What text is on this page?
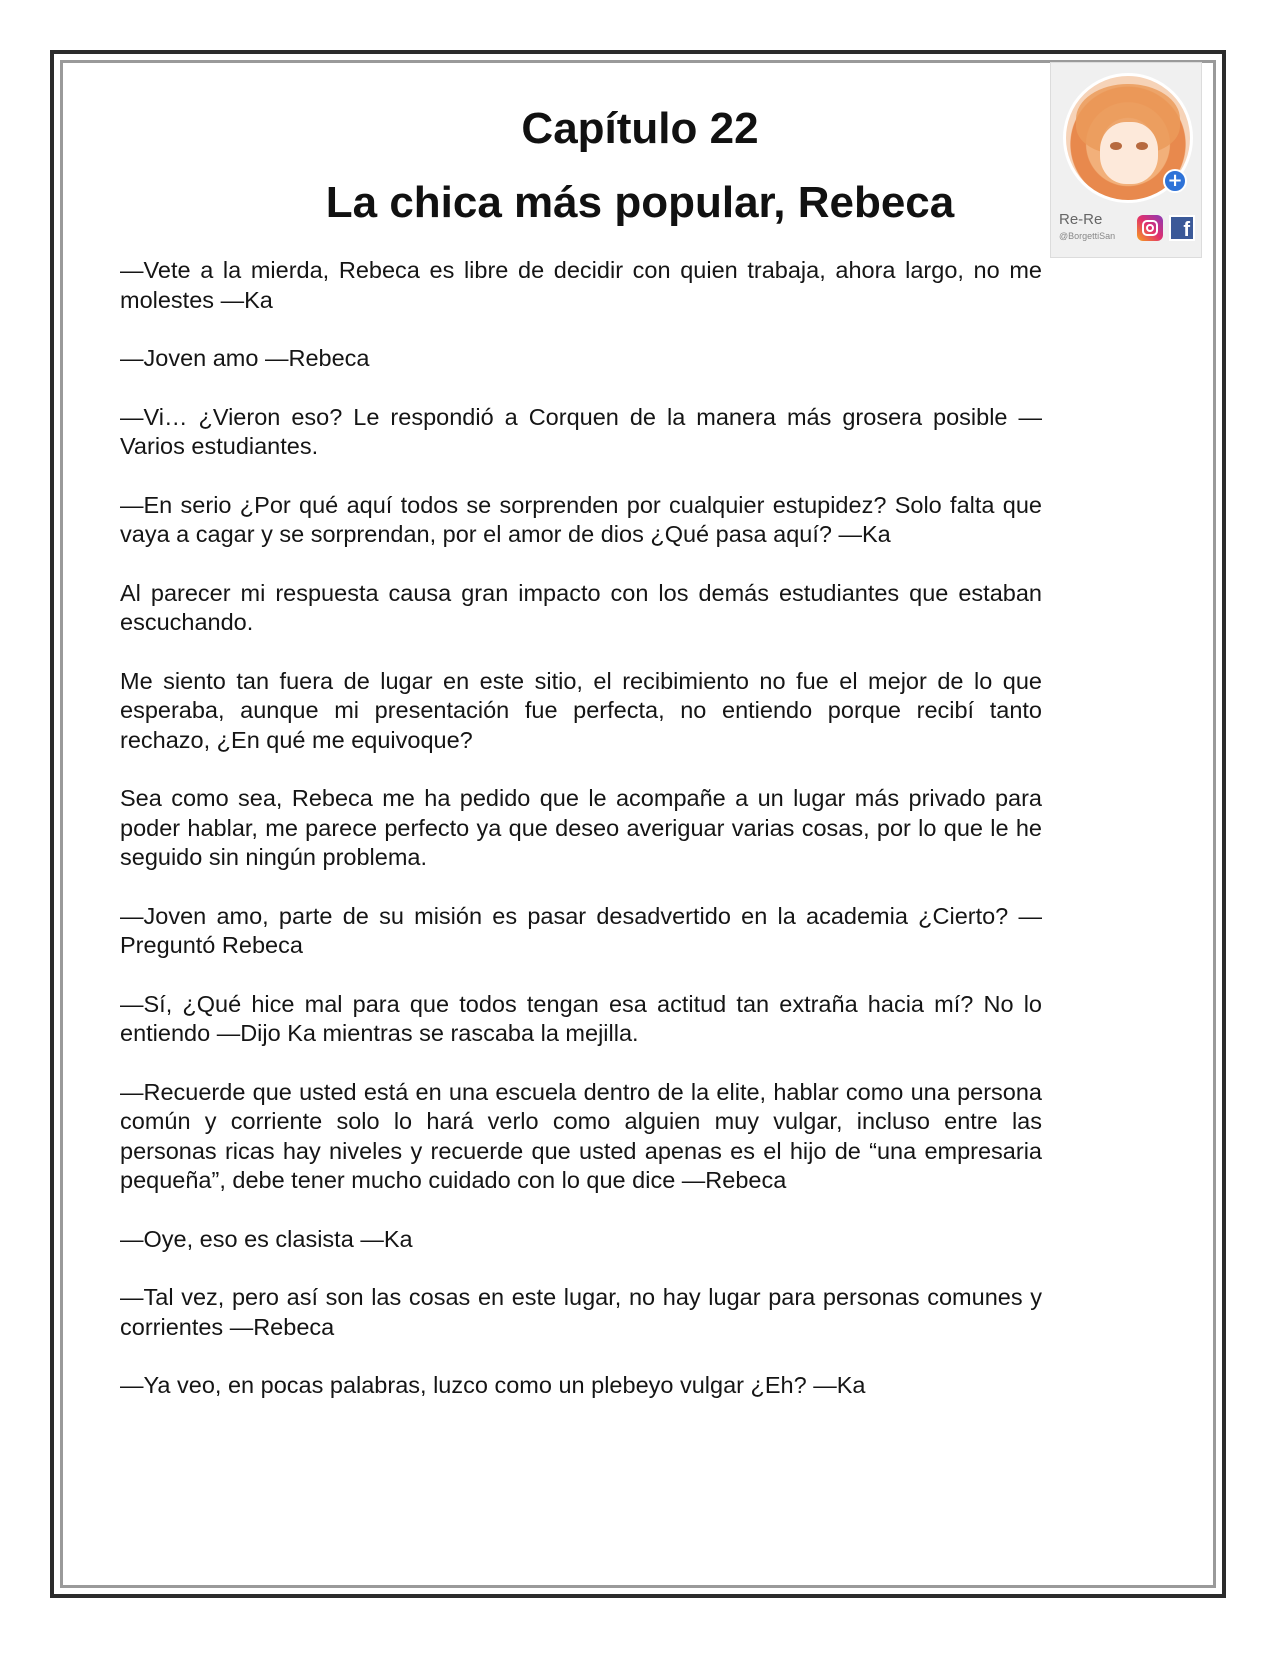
Capítulo 22

La chica más popular, Rebeca	+
Re-Re
@BorgettiSan	f

—Vete a la mierda, Rebeca es libre de decidir con quien trabaja, ahora largo, no me molestes —Ka

—Joven amo —Rebeca

—Vi… ¿Vieron eso? Le respondió a Corquen de la manera más grosera posible —Varios estudiantes.

—En serio ¿Por qué aquí todos se sorprenden por cualquier estupidez? Solo falta que vaya a cagar y se sorprendan, por el amor de dios ¿Qué pasa aquí? —Ka

Al parecer mi respuesta causa gran impacto con los demás estudiantes que estaban escuchando.

Me siento tan fuera de lugar en este sitio, el recibimiento no fue el mejor de lo que esperaba, aunque mi presentación fue perfecta, no entiendo porque recibí tanto rechazo, ¿En qué me equivoque?

Sea como sea, Rebeca me ha pedido que le acompañe a un lugar más privado para poder hablar, me parece perfecto ya que deseo averiguar varias cosas, por lo que le he seguido sin ningún problema.

—Joven amo, parte de su misión es pasar desadvertido en la academia ¿Cierto? —Preguntó Rebeca

—Sí, ¿Qué hice mal para que todos tengan esa actitud tan extraña hacia mí? No lo entiendo —Dijo Ka mientras se rascaba la mejilla.

—Recuerde que usted está en una escuela dentro de la elite, hablar como una persona común y corriente solo lo hará verlo como alguien muy vulgar, incluso entre las personas ricas hay niveles y recuerde que usted apenas es el hijo de “una empresaria pequeña”, debe tener mucho cuidado con lo que dice —Rebeca

—Oye, eso es clasista —Ka

—Tal vez, pero así son las cosas en este lugar, no hay lugar para personas comunes y corrientes —Rebeca

—Ya veo, en pocas palabras, luzco como un plebeyo vulgar ¿Eh? —Ka
